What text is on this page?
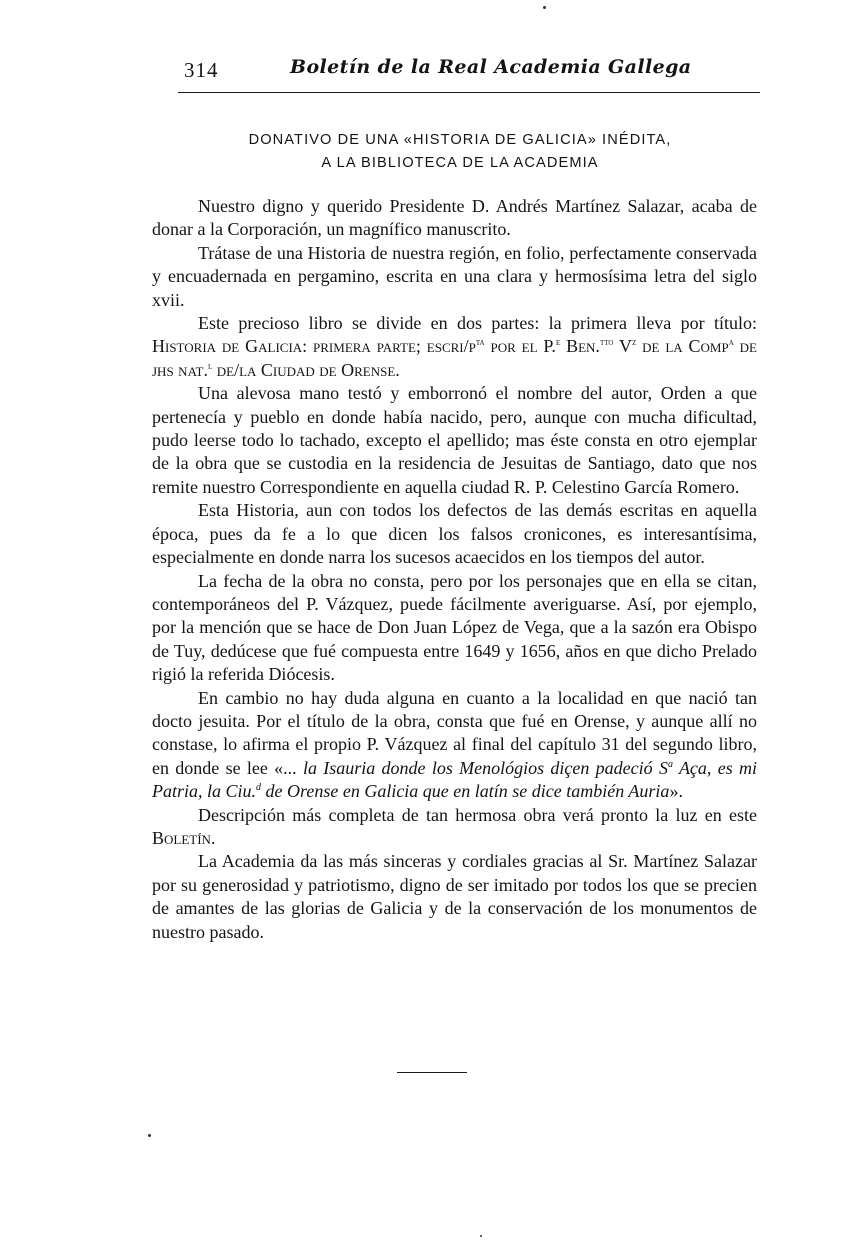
314	Boletín de la Real Academia Gallega
DONATIVO DE UNA «HISTORIA DE GALICIA» INÉDITA,
A LA BIBLIOTECA DE LA ACADEMIA

Nuestro digno y querido Presidente D. Andrés Martínez Salazar, acaba de donar a la Corporación, un magnífico manuscrito.

Trátase de una Historia de nuestra región, en folio, perfectamente conservada y encuadernada en pergamino, escrita en una clara y hermosísima letra del siglo xvii.

Este precioso libro se divide en dos partes: la primera lleva por título: Historia de Galicia: primera parte; escri/$p^{ta}$ por el P.$^e$ Ben.$^{tto}$ $V^z$ de la Comp$^a$ de jhs nat.$^l$ de/la Ciudad de Orense.

Una alevosa mano testó y emborronó el nombre del autor, Orden a que pertenecía y pueblo en donde había nacido, pero, aunque con mucha dificultad, pudo leerse todo lo tachado, excepto el apellido; mas éste consta en otro ejemplar de la obra que se custodia en la residencia de Jesuitas de Santiago, dato que nos remite nuestro Correspondiente en aquella ciudad R. P. Celestino García Romero.

Esta Historia, aun con todos los defectos de las demás escritas en aquella época, pues da fe a lo que dicen los falsos cronicones, es interesantísima, especialmente en donde narra los sucesos acaecidos en los tiempos del autor.

La fecha de la obra no consta, pero por los personajes que en ella se citan, contemporáneos del P. Vázquez, puede fácilmente averiguarse. Así, por ejemplo, por la mención que se hace de Don Juan López de Vega, que a la sazón era Obispo de Tuy, dedúcese que fué compuesta entre 1649 y 1656, años en que dicho Prelado rigió la referida Diócesis.

En cambio no hay duda alguna en cuanto a la localidad en que nació tan docto jesuita. Por el título de la obra, consta que fué en Orense, y aunque allí no constase, lo afirma el propio P. Vázquez al final del capítulo 31 del segundo libro, en donde se lee «... la Isauria donde los Menológios diçen padeció $S^a$ Aça, es mi Patria, la Ciu.$^d$ de Orense en Galicia que en latín se dice también Auria».

Descripción más completa de tan hermosa obra verá pronto la luz en este Boletín.

La Academia da las más sinceras y cordiales gracias al Sr. Martínez Salazar por su generosidad y patriotismo, digno de ser imitado por todos los que se precien de amantes de las glorias de Galicia y de la conservación de los monumentos de nuestro pasado.
